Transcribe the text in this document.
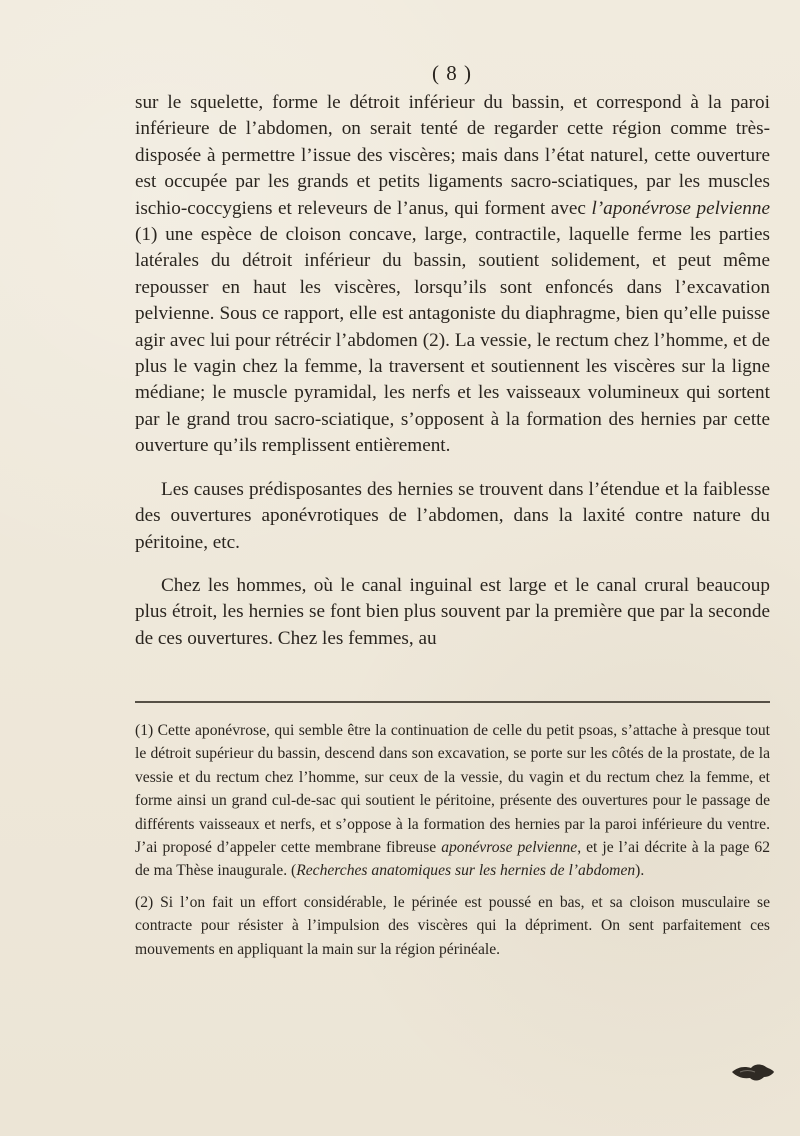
( 8 )

sur le squelette, forme le détroit inférieur du bassin, et correspond à la paroi inférieure de l’abdomen, on serait tenté de regarder cette région comme très-disposée à permettre l’issue des viscères; mais dans l’état naturel, cette ouverture est occupée par les grands et petits ligaments sacro-sciatiques, par les muscles ischio-coccygiens et releveurs de l’anus, qui forment avec l’aponévrose pelvienne (1) une espèce de cloison concave, large, contractile, laquelle ferme les parties latérales du détroit inférieur du bassin, soutient solidement, et peut même repousser en haut les viscères, lorsqu’ils sont enfoncés dans l’excavation pelvienne. Sous ce rapport, elle est antagoniste du diaphragme, bien qu’elle puisse agir avec lui pour rétrécir l’abdomen (2). La vessie, le rectum chez l’homme, et de plus le vagin chez la femme, la traversent et soutiennent les viscères sur la ligne médiane; le muscle pyramidal, les nerfs et les vaisseaux volumineux qui sortent par le grand trou sacro-sciatique, s’opposent à la formation des hernies par cette ouverture qu’ils remplissent entièrement.

Les causes prédisposantes des hernies se trouvent dans l’étendue et la faiblesse des ouvertures aponévrotiques de l’abdomen, dans la laxité contre nature du péritoine, etc.

Chez les hommes, où le canal inguinal est large et le canal crural beaucoup plus étroit, les hernies se font bien plus souvent par la première que par la seconde de ces ouvertures. Chez les femmes, au

(1) Cette aponévrose, qui semble être la continuation de celle du petit psoas, s’attache à presque tout le détroit supérieur du bassin, descend dans son excavation, se porte sur les côtés de la prostate, de la vessie et du rectum chez l’homme, sur ceux de la vessie, du vagin et du rectum chez la femme, et forme ainsi un grand cul-de-sac qui soutient le péritoine, présente des ouvertures pour le passage de différents vaisseaux et nerfs, et s’oppose à la formation des hernies par la paroi inférieure du ventre. J’ai proposé d’appeler cette membrane fibreuse aponévrose pelvienne, et je l’ai décrite à la page 62 de ma Thèse inaugurale. (Recherches anatomiques sur les hernies de l’abdomen).

(2) Si l’on fait un effort considérable, le périnée est poussé en bas, et sa cloison musculaire se contracte pour résister à l’impulsion des viscères qui la dépriment. On sent parfaitement ces mouvements en appliquant la main sur la région périnéale.
